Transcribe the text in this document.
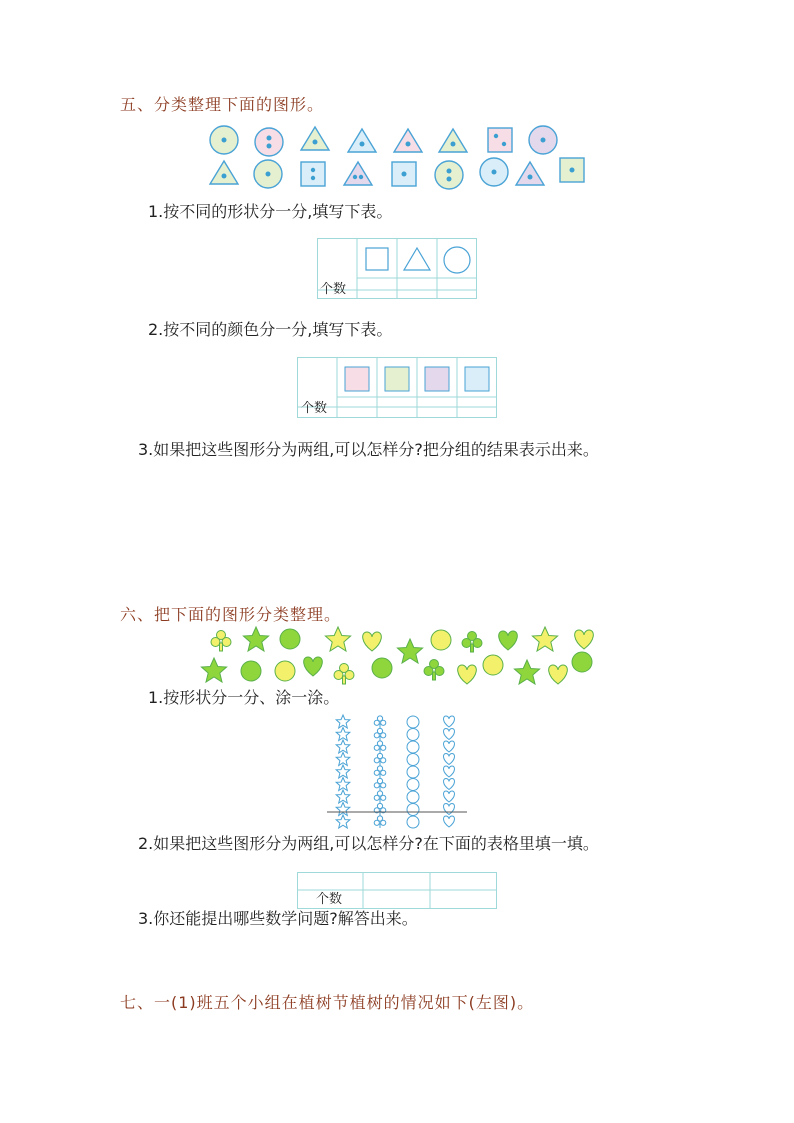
五、分类整理下面的图形。
1.按不同的形状分一分,填写下表。
个数
2.按不同的颜色分一分,填写下表。
个数
3.如果把这些图形分为两组,可以怎样分?把分组的结果表示出来。
六、把下面的图形分类整理。
1.按形状分一分、涂一涂。
2.如果把这些图形分为两组,可以怎样分?在下面的表格里填一填。
个数
3.你还能提出哪些数学问题?解答出来。
七、一(1)班五个小组在植树节植树的情况如下(左图)。
